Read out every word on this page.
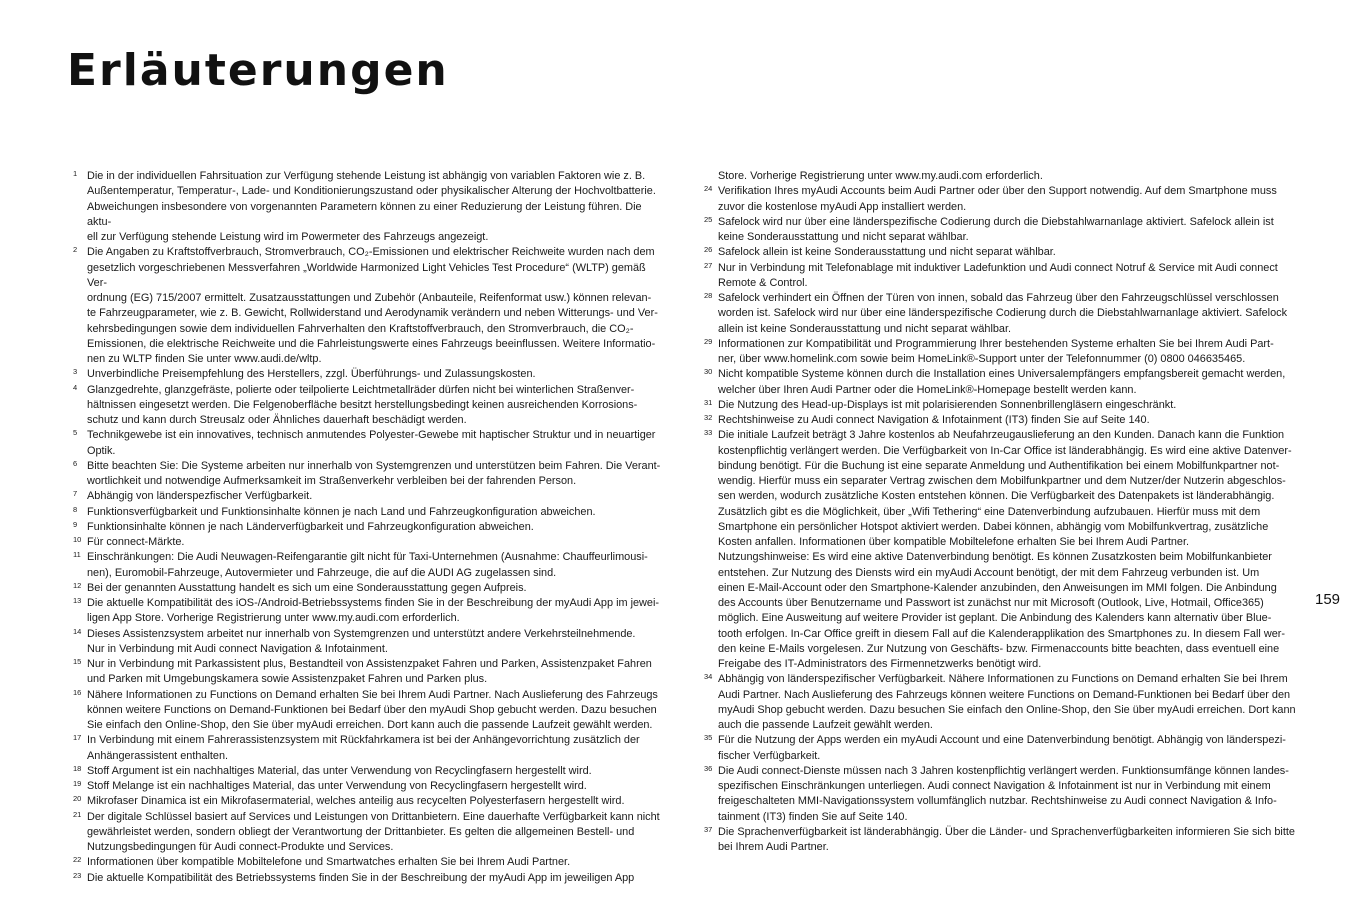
Erläuterungen
1 Die in der individuellen Fahrsituation zur Verfügung stehende Leistung ist abhängig von variablen Faktoren wie z. B.
Außentemperatur, Temperatur-, Lade- und Konditionierungszustand oder physikalischer Alterung der Hochvoltbatterie.
Abweichungen insbesondere von vorgenannten Parametern können zu einer Reduzierung der Leistung führen. Die aktu-
ell zur Verfügung stehende Leistung wird im Powermeter des Fahrzeugs angezeigt.
2 Die Angaben zu Kraftstoffverbrauch, Stromverbrauch, CO₂-Emissionen und elektrischer Reichweite wurden nach dem
gesetzlich vorgeschriebenen Messverfahren „Worldwide Harmonized Light Vehicles Test Procedure“ (WLTP) gemäß Ver-
ordnung (EG) 715/2007 ermittelt. Zusatzausstattungen und Zubehör (Anbauteile, Reifenformat usw.) können relevan-
te Fahrzeugparameter, wie z. B. Gewicht, Rollwiderstand und Aerodynamik verändern und neben Witterungs- und Ver-
kehrsbedingungen sowie dem individuellen Fahrverhalten den Kraftstoffverbrauch, den Stromverbrauch, die CO₂-
Emissionen, die elektrische Reichweite und die Fahrleistungswerte eines Fahrzeugs beeinflussen. Weitere Informatio-
nen zu WLTP finden Sie unter www.audi.de/wltp.
3 Unverbindliche Preisempfehlung des Herstellers, zzgl. Überführungs- und Zulassungskosten.
4 Glanzgedrehte, glanzgefräste, polierte oder teilpolierte Leichtmetallräder dürfen nicht bei winterlichen Straßenver-
hältnissen eingesetzt werden. Die Felgenoberfläche besitzt herstellungsbedingt keinen ausreichenden Korrosions-
schutz und kann durch Streusalz oder Ähnliches dauerhaft beschädigt werden.
5 Technikgewebe ist ein innovatives, technisch anmutendes Polyester-Gewebe mit haptischer Struktur und in neuartiger
Optik.
6 Bitte beachten Sie: Die Systeme arbeiten nur innerhalb von Systemgrenzen und unterstützen beim Fahren. Die Verant-
wortlichkeit und notwendige Aufmerksamkeit im Straßenverkehr verbleiben bei der fahrenden Person.
7 Abhängig von länderspezfischer Verfügbarkeit.
8 Funktionsverfügbarkeit und Funktionsinhalte können je nach Land und Fahrzeugkonfiguration abweichen.
9 Funktionsinhalte können je nach Länderverfügbarkeit und Fahrzeugkonfiguration abweichen.
10 Für connect-Märkte.
11 Einschränkungen: Die Audi Neuwagen-Reifengarantie gilt nicht für Taxi-Unternehmen (Ausnahme: Chauffeurlimousi-
nen), Euromobil-Fahrzeuge, Autovermieter und Fahrzeuge, die auf die AUDI AG zugelassen sind.
12 Bei der genannten Ausstattung handelt es sich um eine Sonderausstattung gegen Aufpreis.
13 Die aktuelle Kompatibilität des iOS-/Android-Betriebssystems finden Sie in der Beschreibung der myAudi App im jewei-
ligen App Store. Vorherige Registrierung unter www.my.audi.com erforderlich.
14 Dieses Assistenzsystem arbeitet nur innerhalb von Systemgrenzen und unterstützt andere Verkehrsteilnehmende.
Nur in Verbindung mit Audi connect Navigation & Infotainment.
15 Nur in Verbindung mit Parkassistent plus, Bestandteil von Assistenzpaket Fahren und Parken, Assistenzpaket Fahren
und Parken mit Umgebungskamera sowie Assistenzpaket Fahren und Parken plus.
16 Nähere Informationen zu Functions on Demand erhalten Sie bei Ihrem Audi Partner. Nach Auslieferung des Fahrzeugs
können weitere Functions on Demand-Funktionen bei Bedarf über den myAudi Shop gebucht werden. Dazu besuchen
Sie einfach den Online-Shop, den Sie über myAudi erreichen. Dort kann auch die passende Laufzeit gewählt werden.
17 In Verbindung mit einem Fahrerassistenzsystem mit Rückfahrkamera ist bei der Anhängevorrichtung zusätzlich der
Anhängerassistent enthalten.
18 Stoff Argument ist ein nachhaltiges Material, das unter Verwendung von Recyclingfasern hergestellt wird.
19 Stoff Melange ist ein nachhaltiges Material, das unter Verwendung von Recyclingfasern hergestellt wird.
20 Mikrofaser Dinamica ist ein Mikrofasermaterial, welches anteilig aus recycelten Polyesterfasern hergestellt wird.
21 Der digitale Schlüssel basiert auf Services und Leistungen von Drittanbietern. Eine dauerhafte Verfügbarkeit kann nicht
gewährleistet werden, sondern obliegt der Verantwortung der Drittanbieter. Es gelten die allgemeinen Bestell- und
Nutzungsbedingungen für Audi connect-Produkte und Services.
22 Informationen über kompatible Mobiltelefone und Smartwatches erhalten Sie bei Ihrem Audi Partner.
23 Die aktuelle Kompatibilität des Betriebssystems finden Sie in der Beschreibung der myAudi App im jeweiligen App
Store. Vorherige Registrierung unter www.my.audi.com erforderlich.
24 Verifikation Ihres myAudi Accounts beim Audi Partner oder über den Support notwendig. Auf dem Smartphone muss
zuvor die kostenlose myAudi App installiert werden.
25 Safelock wird nur über eine länderspezifische Codierung durch die Diebstahlwarnanlage aktiviert. Safelock allein ist
keine Sonderausstattung und nicht separat wählbar.
26 Safelock allein ist keine Sonderausstattung und nicht separat wählbar.
27 Nur in Verbindung mit Telefonablage mit induktiver Ladefunktion und Audi connect Notruf & Service mit Audi connect
Remote & Control.
28 Safelock verhindert ein Öffnen der Türen von innen, sobald das Fahrzeug über den Fahrzeugschlüssel verschlossen
worden ist. Safelock wird nur über eine länderspezifische Codierung durch die Diebstahlwarnanlage aktiviert. Safelock
allein ist keine Sonderausstattung und nicht separat wählbar.
29 Informationen zur Kompatibilität und Programmierung Ihrer bestehenden Systeme erhalten Sie bei Ihrem Audi Part-
ner, über www.homelink.com sowie beim HomeLink®-Support unter der Telefonnummer (0) 0800 046635465.
30 Nicht kompatible Systeme können durch die Installation eines Universalempfängers empfangsbereit gemacht werden,
welcher über Ihren Audi Partner oder die HomeLink®-Homepage bestellt werden kann.
31 Die Nutzung des Head-up-Displays ist mit polarisierenden Sonnenbrillengläsern eingeschränkt.
32 Rechtshinweise zu Audi connect Navigation & Infotainment (IT3) finden Sie auf Seite 140.
33 Die initiale Laufzeit beträgt 3 Jahre kostenlos ab Neufahrzeugauslieferung an den Kunden. Danach kann die Funktion
kostenpflichtig verlängert werden. Die Verfügbarkeit von In-Car Office ist länderabhängig. Es wird eine aktive Datenver-
bindung benötigt. Für die Buchung ist eine separate Anmeldung und Authentifikation bei einem Mobilfunkpartner not-
wendig. Hierfür muss ein separater Vertrag zwischen dem Mobilfunkpartner und dem Nutzer/der Nutzerin abgeschlos-
sen werden, wodurch zusätzliche Kosten entstehen können. Die Verfügbarkeit des Datenpakets ist länderabhängig.
Zusätzlich gibt es die Möglichkeit, über „Wifi Tethering“ eine Datenverbindung aufzubauen. Hierfür muss mit dem
Smartphone ein persönlicher Hotspot aktiviert werden. Dabei können, abhängig vom Mobilfunkvertrag, zusätzliche
Kosten anfallen. Informationen über kompatible Mobiltelefone erhalten Sie bei Ihrem Audi Partner.
Nutzungshinweise: Es wird eine aktive Datenverbindung benötigt. Es können Zusatzkosten beim Mobilfunkanbieter
entstehen. Zur Nutzung des Diensts wird ein myAudi Account benötigt, der mit dem Fahrzeug verbunden ist. Um
einen E-Mail-Account oder den Smartphone-Kalender anzubinden, den Anweisungen im MMI folgen. Die Anbindung
des Accounts über Benutzername und Passwort ist zunächst nur mit Microsoft (Outlook, Live, Hotmail, Office365)
möglich. Eine Ausweitung auf weitere Provider ist geplant. Die Anbindung des Kalenders kann alternativ über Blue-
tooth erfolgen. In-Car Office greift in diesem Fall auf die Kalenderapplikation des Smartphones zu. In diesem Fall wer-
den keine E-Mails vorgelesen. Zur Nutzung von Geschäfts- bzw. Firmenaccounts bitte beachten, dass eventuell eine
Freigabe des IT-Administrators des Firmennetzwerks benötigt wird.
34 Abhängig von länderspezifischer Verfügbarkeit. Nähere Informationen zu Functions on Demand erhalten Sie bei Ihrem
Audi Partner. Nach Auslieferung des Fahrzeugs können weitere Functions on Demand-Funktionen bei Bedarf über den
myAudi Shop gebucht werden. Dazu besuchen Sie einfach den Online-Shop, den Sie über myAudi erreichen. Dort kann
auch die passende Laufzeit gewählt werden.
35 Für die Nutzung der Apps werden ein myAudi Account und eine Datenverbindung benötigt. Abhängig von länderspezi-
fischer Verfügbarkeit.
36 Die Audi connect-Dienste müssen nach 3 Jahren kostenpflichtig verlängert werden. Funktionsumfänge können landes-
spezifischen Einschränkungen unterliegen. Audi connect Navigation & Infotainment ist nur in Verbindung mit einem
freigeschalteten MMI-Navigationssystem vollumfänglich nutzbar. Rechtshinweise zu Audi connect Navigation & Info-
tainment (IT3) finden Sie auf Seite 140.
37 Die Sprachenverfügbarkeit ist länderabhängig. Über die Länder- und Sprachenverfügbarkeiten informieren Sie sich bitte
bei Ihrem Audi Partner.
159
